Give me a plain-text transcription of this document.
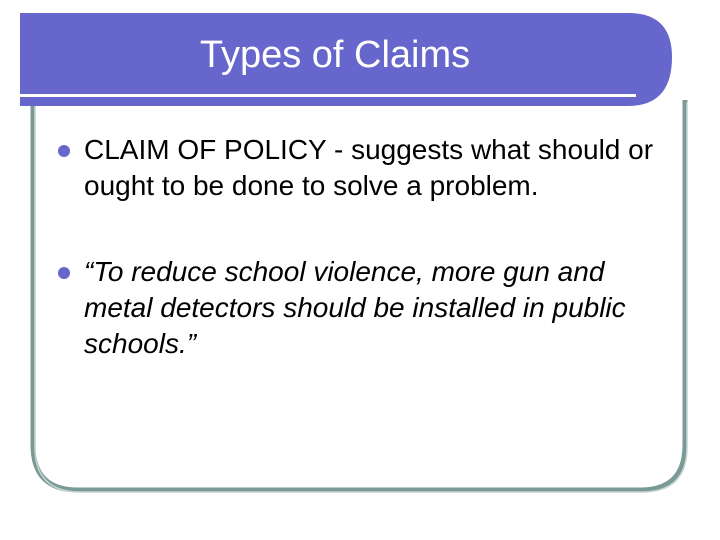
Types of Claims
CLAIM OF POLICY - suggests what should or ought to be done to solve a problem.
“To reduce school violence, more gun and metal detectors should be installed in public schools.”
